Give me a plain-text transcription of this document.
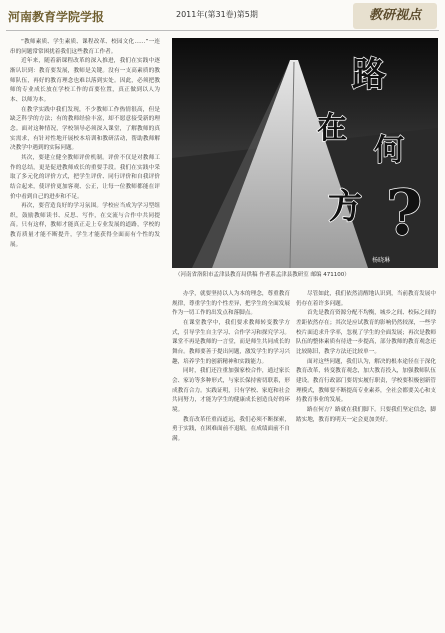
河南教育学院学报	2011年(第31卷)第5期	教研视点

“教师素质、学生素质、课程改革、校园文化……”一连串的问题常常困扰着我们这些教育工作者。

近年来，随着新课程改革的深入推进，我们在实践中逐渐认识到：教育要发展，教师是关键。没有一支高素质的教师队伍，再好的教育理念也难以落到实处。因此，必须把教师的专业成长放在学校工作的首要位置，真正做到以人为本、以师为本。

在教学实践中我们发现，不少教师工作热情很高，但是缺乏科学的方法；有的教师经验丰富，却不愿意接受新的理念。面对这种情况，学校领导必须深入课堂，了解教师的真实需求，有针对性地开展校本培训和教研活动，帮助教师解决教学中遇到的实际问题。

其次，要建立健全教师评价机制。评价不仅是对教师工作的总结，更是促进教师成长的重要手段。我们在实践中采取了多元化的评价方式，把学生评价、同行评价和自我评价结合起来，使评价更加客观、公正，让每一位教师都能在评价中看到自己的进步和不足。

再次，要营造良好的学习氛围。学校应当成为学习型组织，鼓励教师读书、反思、写作，在交流与合作中共同提高。只有这样，教师才能真正走上专业发展的道路，学校的教育质量才能不断提升，学生才能获得全面而有个性的发展。

路
在
何
方 ?
杨晓琳
（河南省洛阳市孟津县教育局供稿 作者系孟津县教研室 邮编 471100）

办学，就要坚持以人为本的理念，尊重教育规律，尊重学生的个性差异，把学生的全面发展作为一切工作的出发点和落脚点。

在课堂教学中，我们要求教师转变教学方式，引导学生自主学习、合作学习和探究学习。课堂不再是教师的一言堂，而是师生共同成长的舞台。教师要善于提出问题，激发学生的学习兴趣，培养学生的创新精神和实践能力。

同时，我们还注重加强家校合作，通过家长会、家访等多种形式，与家长保持密切联系，形成教育合力。实践证明，只有学校、家庭和社会共同努力，才能为学生的健康成长创造良好的环境。

教育改革任重而道远，我们必须不断探索，勇于实践，在困难面前不退缩，在成绩面前不自满。

尽管如此，我们依然清醒地认识到，当前教育发展中仍存在着许多问题。

首先是教育资源分配不均衡，城乡之间、校际之间的差距依然存在；其次是应试教育的影响仍然较深，一些学校片面追求升学率，忽视了学生的全面发展；再次是教师队伍的整体素质有待进一步提高，部分教师的教育观念还比较陈旧，教学方法还比较单一。

面对这些问题，我们认为，解决的根本途径在于深化教育改革，转变教育观念，加大教育投入，加强教师队伍建设。教育行政部门要切实履行职责，学校要积极创新管理模式，教师要不断提高专业素养，全社会都要关心和支持教育事业的发展。

路在何方？路就在我们脚下。只要我们坚定信念，脚踏实地，教育的明天一定会更加美好。
